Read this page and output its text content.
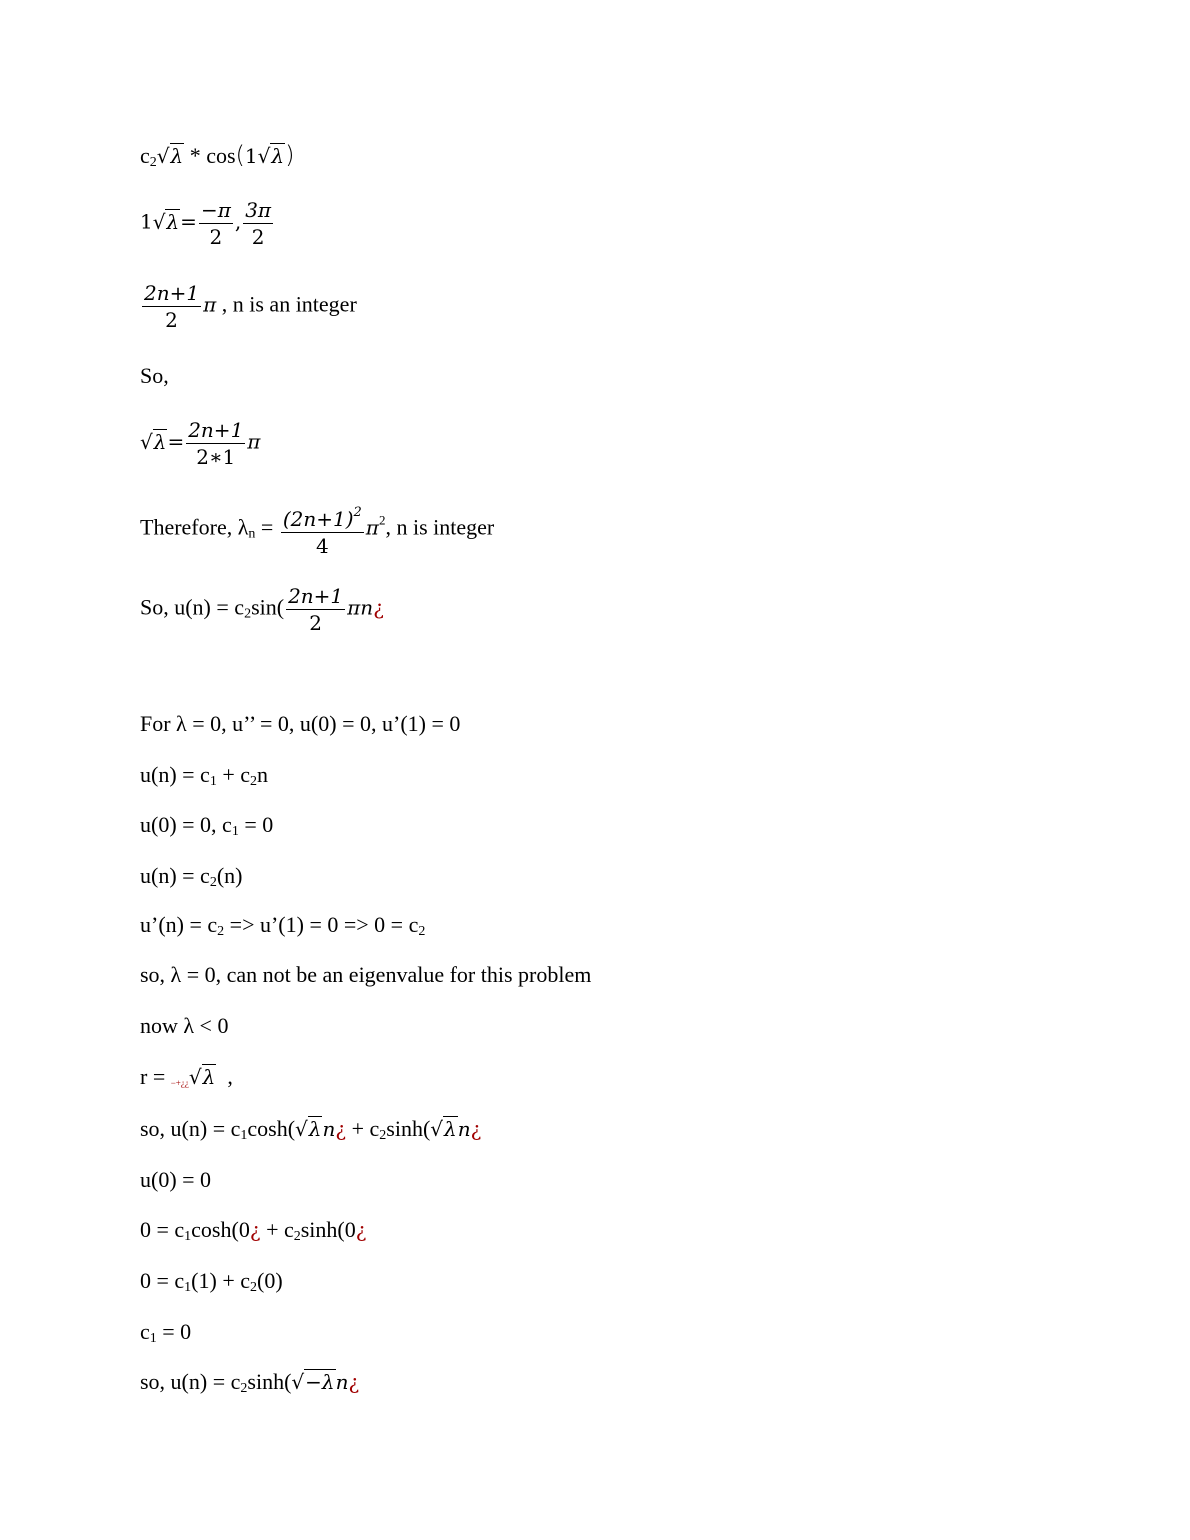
$c_2√\lambda * \cos(1√\lambda)$
$1√\lambda= \frac{-\pi}{2}$ , $\frac{3\pi}{2}$
$\frac{2n+1}{2}$ π , n is an integer
So,
$√\lambda= \frac{2n+1}{2∗1}$ π
Therefore, $\lambda_n = \frac{(2n+1)^2}{4} \pi^2$, n is integer
So, $u(n) = c_2\sin( \frac{2n+1}{2}$ πn¿
For λ = 0, u’’ = 0, u(0) = 0, u’(1) = 0
$u(n) = c_1 + c_2n$
u(0) = 0, $c_1 = 0$
$u(n) = c_2(n)$
u’(n) = $c_2$ => u’(1) = $0 => 0 = c_2$
so, λ = 0, can not be an eigenvalue for this problem
now λ < 0
r = −+¿¿√λ  ,
so, $u(n) = c_1\cosh(√\lambda n¿$ + $c_2\sinh(√\lambda n¿$
u(0) = 0
$0 = c_1\cosh(0¿$ + $c_2\sinh(0¿$
$0 = c_1(1) + c_2(0)$
$c_1 = 0$
so, $u(n) = c_2\sinh(√-\lambda n¿$
